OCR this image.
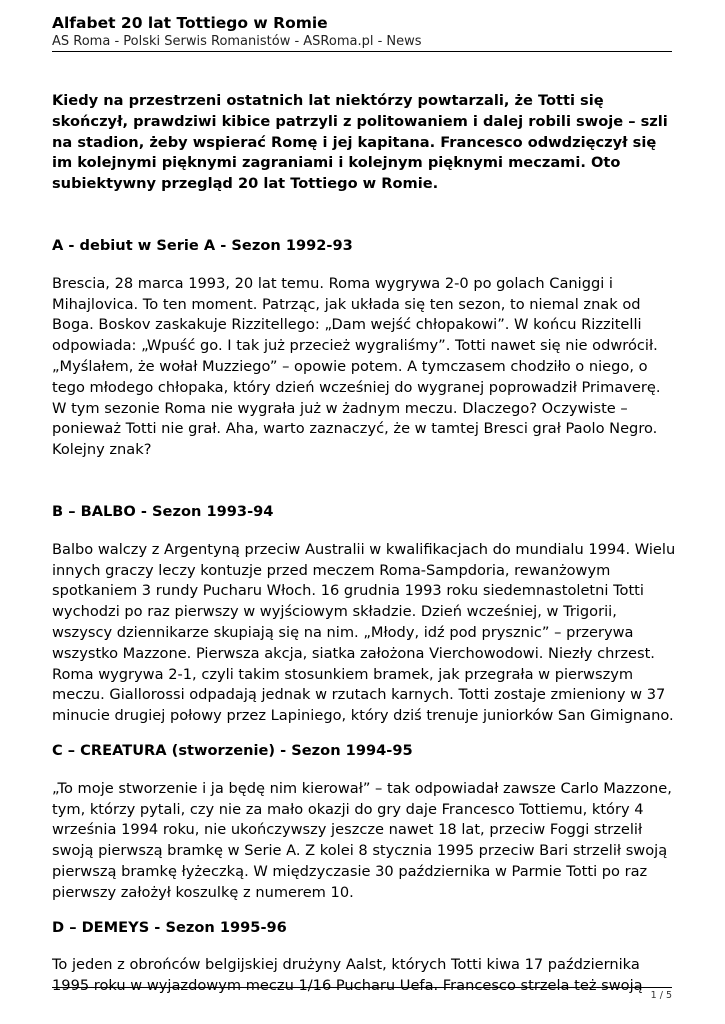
Alfabet 20 lat Tottiego w Romie
AS Roma - Polski Serwis Romanistów - ASRoma.pl - News

Kiedy na przestrzeni ostatnich lat niektórzy powtarzali, że Totti się skończył, prawdziwi kibice patrzyli z politowaniem i dalej robili swoje – szli na stadion, żeby wspierać Romę i jej kapitana. Francesco odwdzięczył się im kolejnymi pięknymi zagraniami i kolejnym pięknymi meczami. Oto subiektywny przegląd 20 lat Tottiego w Romie.

A - debiut w Serie A - Sezon 1992-93

Brescia, 28 marca 1993, 20 lat temu. Roma wygrywa 2-0 po golach Caniggi i Mihajlovica. To ten moment. Patrząc, jak układa się ten sezon, to niemal znak od Boga. Boskov zaskakuje Rizzitellego: „Dam wejść chłopakowi”. W końcu Rizzitelli odpowiada: „Wpuść go. I tak już przecież wygraliśmy”. Totti nawet się nie odwrócił. „Myślałem, że wołał Muzziego” – opowie potem. A tymczasem chodziło o niego, o tego młodego chłopaka, który dzień wcześniej do wygranej poprowadził Primaverę. W tym sezonie Roma nie wygrała już w żadnym meczu. Dlaczego? Oczywiste – ponieważ Totti nie grał. Aha, warto zaznaczyć, że w tamtej Bresci grał Paolo Negro. Kolejny znak?

B – BALBO - Sezon 1993-94

Balbo walczy z Argentyną przeciw Australii w kwalifikacjach do mundialu 1994. Wielu innych graczy leczy kontuzje przed meczem Roma-Sampdoria, rewanżowym spotkaniem 3 rundy Pucharu Włoch. 16 grudnia 1993 roku siedemnastoletni Totti wychodzi po raz pierwszy w wyjściowym składzie. Dzień wcześniej, w Trigorii, wszyscy dziennikarze skupiają się na nim. „Młody, idź pod prysznic” – przerywa wszystko Mazzone. Pierwsza akcja, siatka założona Vierchowodowi. Niezły chrzest. Roma wygrywa 2-1, czyli takim stosunkiem bramek, jak przegrała w pierwszym meczu. Giallorossi odpadają jednak w rzutach karnych. Totti zostaje zmieniony w 37 minucie drugiej połowy przez Lapiniego, który dziś trenuje juniorków San Gimignano.

C – CREATURA (stworzenie) - Sezon 1994-95

„To moje stworzenie i ja będę nim kierował” – tak odpowiadał zawsze Carlo Mazzone, tym, którzy pytali, czy nie za mało okazji do gry daje Francesco Tottiemu, który 4 września 1994 roku, nie ukończywszy jeszcze nawet 18 lat, przeciw Foggi strzelił swoją pierwszą bramkę w Serie A. Z kolei 8 stycznia 1995 przeciw Bari strzelił swoją pierwszą bramkę łyżeczką. W międzyczasie 30 października w Parmie Totti po raz pierwszy założył koszulkę z numerem 10.

D – DEMEYS - Sezon 1995-96

To jeden z obrońców belgijskiej drużyny Aalst, których Totti kiwa 17 października 1995 roku w wyjazdowym meczu 1/16 Pucharu Uefa. Francesco strzela też swoją

1 / 5
